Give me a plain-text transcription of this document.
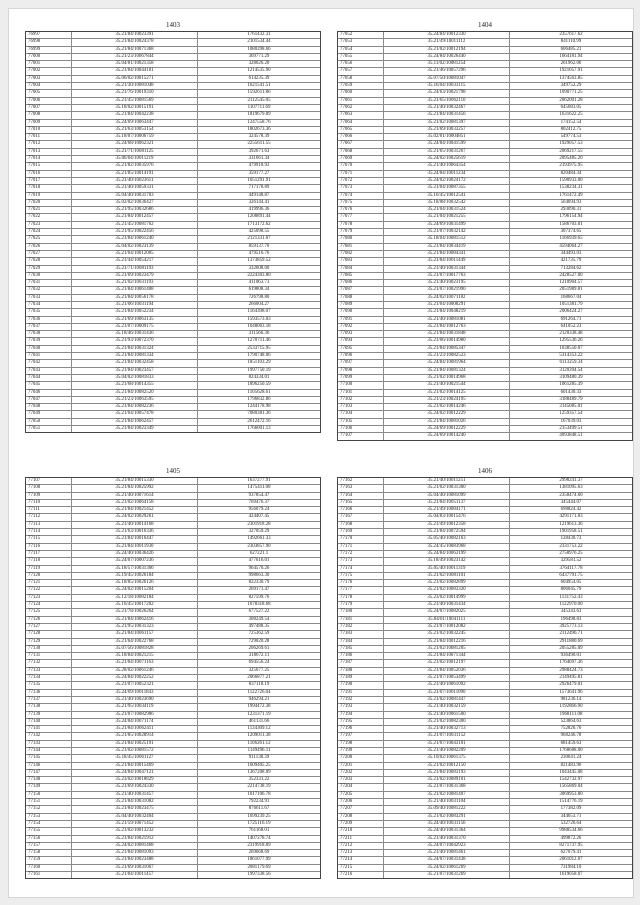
1403
76997	35.21/84/10023391	1761432.31
76998	35.21/84/10024378	2101534.44
76999	35.21/84/10071368	1080398.66
77000	35.21/23/10067844	369771.29
77001	35.04/81/10021358	328026.20
77002	35.21/84/10044101	1214535.90
77003	35.06/02/10015271	614235.39
77004	35.21/30/10081048	1621541.51
77005	35.21/76/10019310	1592611.86
77006	35.21/45/10081569	2112545.05
77007	35.18/02/10015191	1107711.69
77008	35.21/84/10042238	1819679.89
77009	35.24/69/10063447	1247558.76
77010	35.21/63/10053154	1802673.36
77011	35.18/07/10006759	324578.39
77012	35.24/68/10062321	2255611.55
77013	35.21/71/10081125	392671.63
77014	35.06/04/10011219	331661.34
77015	35.21/82/10035976	479918.93
77016	35.21/85/10014191	359177.27
77017	35.21/40/10023611	1051291.91
77018	35.21/40/10059331	717178.89
77019	35.04/40/10031703	449148.87
77020	35.02/02/10036427	326144.41
77021	35.21/95/10032686	419996.36
77022	35.21/84/10012457	1208891.44
77023	35.21/45/10081762	1713172.62
77024	35.21/95/10022456	425098.55
77025	35.21/84/10061240	2121331.07
77026	35.04/02/10023139	859137.70
77027	35.21/64/10012005	479516.76
77028	35.21/44/10054217	1373859.52
77029	35.21/71/10081193	332608.00
77030	35.21/69/10023479	2224303.80
77031	35.21/02/10031193	411063.73
77032	35.21/84/10061408	619808.34
77033	35.21/84/10056178	726798.80
77034	35.21/06/10031194	266004.27
77035	35.21/84/10052234	1164398.07
77036	35.21/69/10063135	1593573.03
77037	35.21/07/10009175	1048003.18
77038	35.18/46/10031436	311566.36
77039	35.21/93/10072370	1270711.46
77040	35.21/84/10031324	2533715.95
77041	35.21/84/10081334	1790748.06
77042	35.21/84/10032458	1851103.29
77043	35.21/84/10023457	1997750.19
77044	35.04/02/10081833	824334.01
77045	35.21/68/10014355	1896250.59
77046	35.21/84/10082520	1105628.61
77047	35.21/23/10063595	1796832.86
77048	35.21/84/10082236	1244178.98
77049	35.21/64/10057478	7080381.36
77050	35.21/84/10062457	2612472.16
77051	35.21/84/10023349	1766001.13
1404
77052	35.24/84/10012330	2357617.62
77053	35.21/49/10011112	841110.99
77054	35.21/02/10012194	606485.21
77055	35.24/84/10026440	1664181.94
77056	35.11/02/10081254	261962.06
77057	35.21/46/10057296	1921057.91
77058	35.07/50/10081047	1374563.85
77059	35.16/04/10033115	349752.29
77060	35.24/63/10021798	1090771.25
77061	35.21/65/10062110	2062001.28
77062	35.21/40/10032467	645683.05
77063	35.21/84/10031456	1631622.25
77064	35.21/02/10081397	174152.54
77065	35.21/69/10033257	802412.75
77066	35.02/01/10004851	549774.53
77067	35.24/84/10041599	1929057.53
77068	35.21/65/10031267	2069217.55
77069	35.24/02/10025619	2095485.20
77070	35.21/40/10064354	2193975.95
77071	35.24/84/10011234	820484.34
77072	35.24/02/10024172	1590933.00
77073	35.21/04/10087355	1538234.31
77074	35.16/45/10012541	1761472.49
77075	35.18/08/10032542	564694.93
77076	35.21/04/10031524	293090.31
77077	35.21/04/10021255	1796154.94
77078	35.24/69/10031499	1586703.01
77079	35.21/07/10032142	307374.65
77080	35.18/04/10081512	1166939.65
77081	35.21/84/10034419	4594064.27
77082	35.21/84/10084341	344493.03
77083	35.21/84/10011449	421735.79
77084	35.21/40/10031344	713284.62
77085	35.21/07/10017763	2428527.00
77086	35.21/40/10023195	1210904.57
77087	35.21/07/10021990	2051989.81
77088	35.24/02/10071182	168667.04
77089	35.21/04/10008291	1051381.79
77090	35.21/84/10048219	2006424.27
77091	35.21/40/10081081	691264.71
77092	35.21/84/10012763	641052.23
77093	35.21/84/10031848	2120338.48
77094	35.21/06/10014980	1295536.26
77095	35.21/84/10085347	1038550.07
77096	35.21/23/10082523	5314353.22
77097	35.24/84/10081964	6113259.34
77098	35.21/84/10081324	3120394.54
77099	35.21/02/10014968	3109480.39
77100	35.21/40/10021544	1061285.39
77101	35.21/02/10014125	601430.33
77102	35.21/23/10024195	3188489.79
77103	35.21/02/10014246	3145085.01
77104	35.24/02/10012229	1259357.54
77105	35.21/84/10081026	167039.03
77106	35.24/69/10012229	2153499.51
77107	35.24/69/10014240	4093848.51
1405
77107	35.21/84/10015330	1637277.91
77108	35.21/84/10025992	1475411.08
77109	35.21/40/10071614	937854.47
77110	35.21/02/10064158	769476.37
77111	35.21/84/10021452	956079.24
77112	35.24/02/10029261	424407.45
77113	35.21/40/10014168	2301918.28
77114	35.21/63/10016336	327059.29
77115	35.21/84/10016447	1492661.33
77116	35.21/84/10011930	2303857.90
77117	35.24/40/10036426	627221.1
77118	35.24/07/10007236	477616.01
77119	35.18/57/10031306	964570.26
77120	35.19/45/10026184	998663.30
77121	35.18/85/10026126	822330.79
77122	35.24/02/10015204	269171.47
77123	35.12/18/10082184	827599.76
77124	35.16/45/10017202	1078318.68
77125	35.21/78/10026264	677527.22
77126	35.21/84/10062416	308249.54
77127	35.21/95/10031323	497488.35
77128	35.21/84/10061157	725362.59
77129	35.21/64/10022768	729020.28
77130	35.07/56/10081828	206269.61
77131	35.18/84/10021215	318672.11
77132	35.21/84/10071163	694556.24
77133	35.28/02/10061246	325677.25
77134	35.24/84/10022252	2066877.21
77135	35.21/07/10052321	837118.19
77136	35.24/69/10011843	1122726.04
77137	35.21/40/10023690	946294.21
77138	35.21/95/10034119	1994472.38
77139	35.21/07/10082986	1231371.19
77140	35.24/84/10071174	461131.66
77141	35.21/84/10062411	1134309.12
77142	35.21/85/10028914	1209011.38
77143	35.21/84/10025191	1106261.12
77144	35.21/02/10081572	1149496.11
77145	35.18/45/10061127	911138.39
77146	35.21/84/10015469	1609405.25
77147	35.24/84/10047121	1367208.09
77148	35.23/02/10018829	352331.22
77149	35.21/69/10024330	2214738.19
77150	35.21/40/10031457	1017106.78
77151	35.21/84/10031082	792234.91
77152	35.21/84/10023475	876611.67
77153	35.04/40/10032404	1699239.25
77154	35.21/59/10071452	1725116.19
77155	35.21/02/10013232	761168.01
77156	35.21/84/10021912	1407278.74
77157	35.24/02/10081468	2319918.09
77158	35.21/84/10081093	269668.69
77159	35.21/84/10023488	1861077.99
77160	35.21/69/10031067	2081179.69
77161	35.21/84/10011457	1997338.56
1406
77162	35.21/40/10011251	2998241.37
77163	35.21/02/10031300	1381095.63
77164	35.04/40/10081099	2358474.60
77165	35.21/84/10051137	345444.07
77166	35.21/49/10084171	698824.42
77167	35.04/83/10015476	4291171.83
77168	35.21/49/10012358	1219613.36
77169	35.21/84/10072594	1901958.51
77170	35.05/40/10082163	128430.73
77171	35.24/45/10083968	2331753.22
77172	35.24/84/10063199	2758976.25
77173	35.18/49/10023142	329581.52
77174	35.05/40/10011319	3764117.78
77175	35.21/02/10081101	6437791.75
77176	35.21/02/10082899	604954.05
77177	35.21/02/10083320	806045.79
77178	35.23/02/10014999	1131752.43
77179	35.21/40/10031434	1122970.00
77180	35.24/07/10082025	345343.63
77181	35.04/01/10041111	196498.83
77182	35.21/07/10012082	3925773.13
77183	35.21/02/10032245	2112496.71
77184	35.21/84/10012216	2911880.69
77185	35.21/02/10081205	2055285.09
77186	35.21/84/10071344	936490.01
77187	35.21/02/10012197	1764697.36
77188	35.21/84/10052036	2988424.73
77189	35.21/07/10053499	2149495.81
77190	35.21/40/10061092	2926479.01
77191	35.21/07/10011090	1573641.96
77192	35.21/02/10081447	981236.14
77193	35.21/40/10032159	1192866.90
77194	35.21/40/10061500	1968111.08
77195	35.21/02/10082300	523864.63
77196	35.21/40/10032713	752826.76
77197	35.21/07/10031152	968246.78
77198	35.21/07/10043101	681459.63
77199	35.21/40/10082209	1768688.00
77200	35.10/02/10061375	230641.24
77201	35.21/02/10012150	821483.96
77202	35.21/84/10083193	1043445.08
77203	35.21/02/10089101	1542732.97
77204	35.21/07/10031368	1565869.04
77205	35.21/02/10081407	3069953.80
77206	35.21/40/10031104	1514776.19
77207	35.09/40/10081222	177382.09
77208	35.21/02/10083291	344653.71
77209	35.24/40/10031156	532726.64
77210	35.24/40/10031364	9988534.66
77211	35.21/40/10031370	499872.26
77212	35.24/07/10042923	8271737.95
77213	35.21/40/10081461	627079.41
77214	35.24/07/10031438	2061012.07
77215	35.24/02/10061269	731984.10
77216	35.21/07/10031269	1619058.07
